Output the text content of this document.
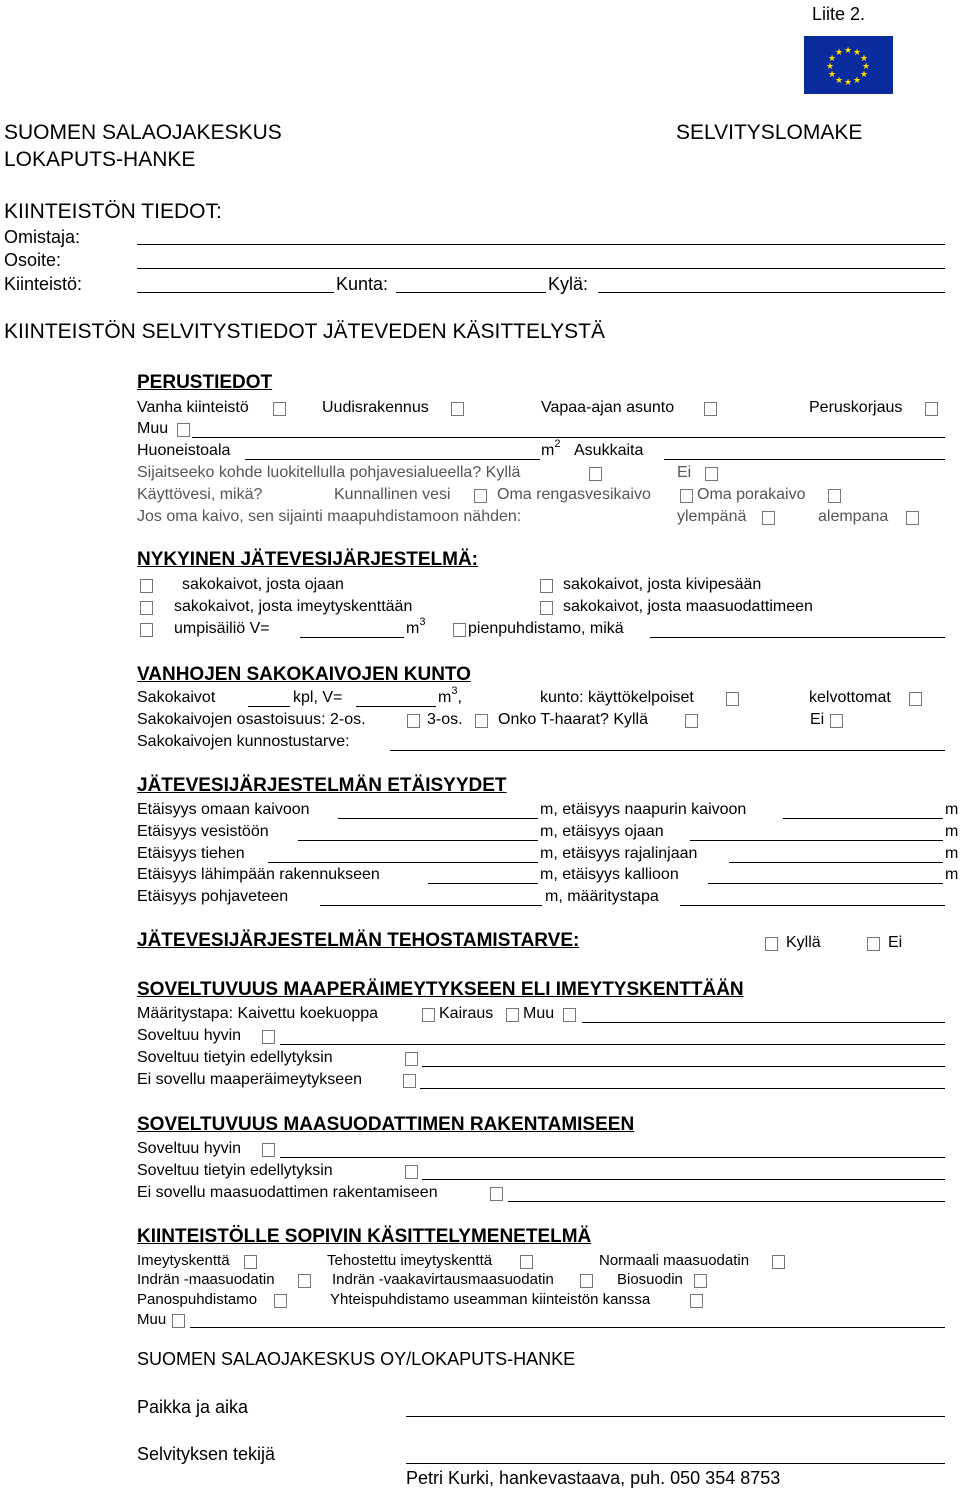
Liite 2.
★ ★
★
★
★
★
★
★
★
★
★
★
SUOMEN SALAOJAKESKUS
LOKAPUTS-HANKE
SELVITYSLOMAKE
KIINTEISTÖN TIEDOT:
Omistaja:
Osoite:
Kiinteistö:	Kunta:	Kylä:
KIINTEISTÖN SELVITYSTIEDOT JÄTEVEDEN KÄSITTELYSTÄ
PERUSTIEDOT
Vanha kiinteistö	Uudisrakennus	Vapaa-ajan asunto	Peruskorjaus
Muu
Huoneistoala	$m^2$ Asukkaita
Sijaitseeko kohde luokitellulla pohjavesialueella? Kyllä	Ei
Käyttövesi, mikä?	Kunnallinen vesi	Oma rengasvesikaivo	Oma porakaivo
Jos oma kaivo, sen sijainti maapuhdistamoon nähden:	ylempänä	alempana
NYKYINEN JÄTEVESIJÄRJESTELMÄ:
sakokaivot, josta ojaan	sakokaivot, josta kivipesään
sakokaivot, josta imeytyskenttään	sakokaivot, josta maasuodattimeen
umpisäiliö V=	$m^3$	pienpuhdistamo, mikä
VANHOJEN SAKOKAIVOJEN KUNTO
Sakokaivot	kpl, V=	$m^3$,	kunto: käyttökelpoiset	kelvottomat
Sakokaivojen osastoisuus: 2-os.	3-os. Onko T-haarat? Kyllä	Ei
Sakokaivojen kunnostustarve:
JÄTEVESIJÄRJESTELMÄN ETÄISYYDET
Etäisyys omaan kaivoon	m, etäisyys naapurin kaivoon	m
Etäisyys vesistöön	m, etäisyys ojaan	m
Etäisyys tiehen	m, etäisyys rajalinjaan	m
Etäisyys lähimpään rakennukseen	m, etäisyys kallioon	m
Etäisyys pohjaveteen	m, määritystapa
JÄTEVESIJÄRJESTELMÄN TEHOSTAMISTARVE:	Kyllä	Ei
SOVELTUVUUS MAAPERÄIMEYTYKSEEN ELI IMEYTYSKENTTÄÄN
Määritystapa: Kaivettu koekuoppa	Kairaus Muu
Soveltuu hyvin
Soveltuu tietyin edellytyksin
Ei sovellu maaperäimeytykseen
SOVELTUVUUS MAASUODATTIMEN RAKENTAMISEEN
Soveltuu hyvin
Soveltuu tietyin edellytyksin
Ei sovellu maasuodattimen rakentamiseen
KIINTEISTÖLLE SOPIVIN KÄSITTELYMENETELMÄ
Imeytyskenttä	Tehostettu imeytyskenttä	Normaali maasuodatin
Indrän -maasuodatin	Indrän -vaakavirtausmaasuodatin	Biosuodin
Panospuhdistamo	Yhteispuhdistamo useamman kiinteistön kanssa
Muu
SUOMEN SALAOJAKESKUS OY/LOKAPUTS-HANKE
Paikka ja aika
Selvityksen tekijä
Petri Kurki, hankevastaava, puh. 050 354 8753
